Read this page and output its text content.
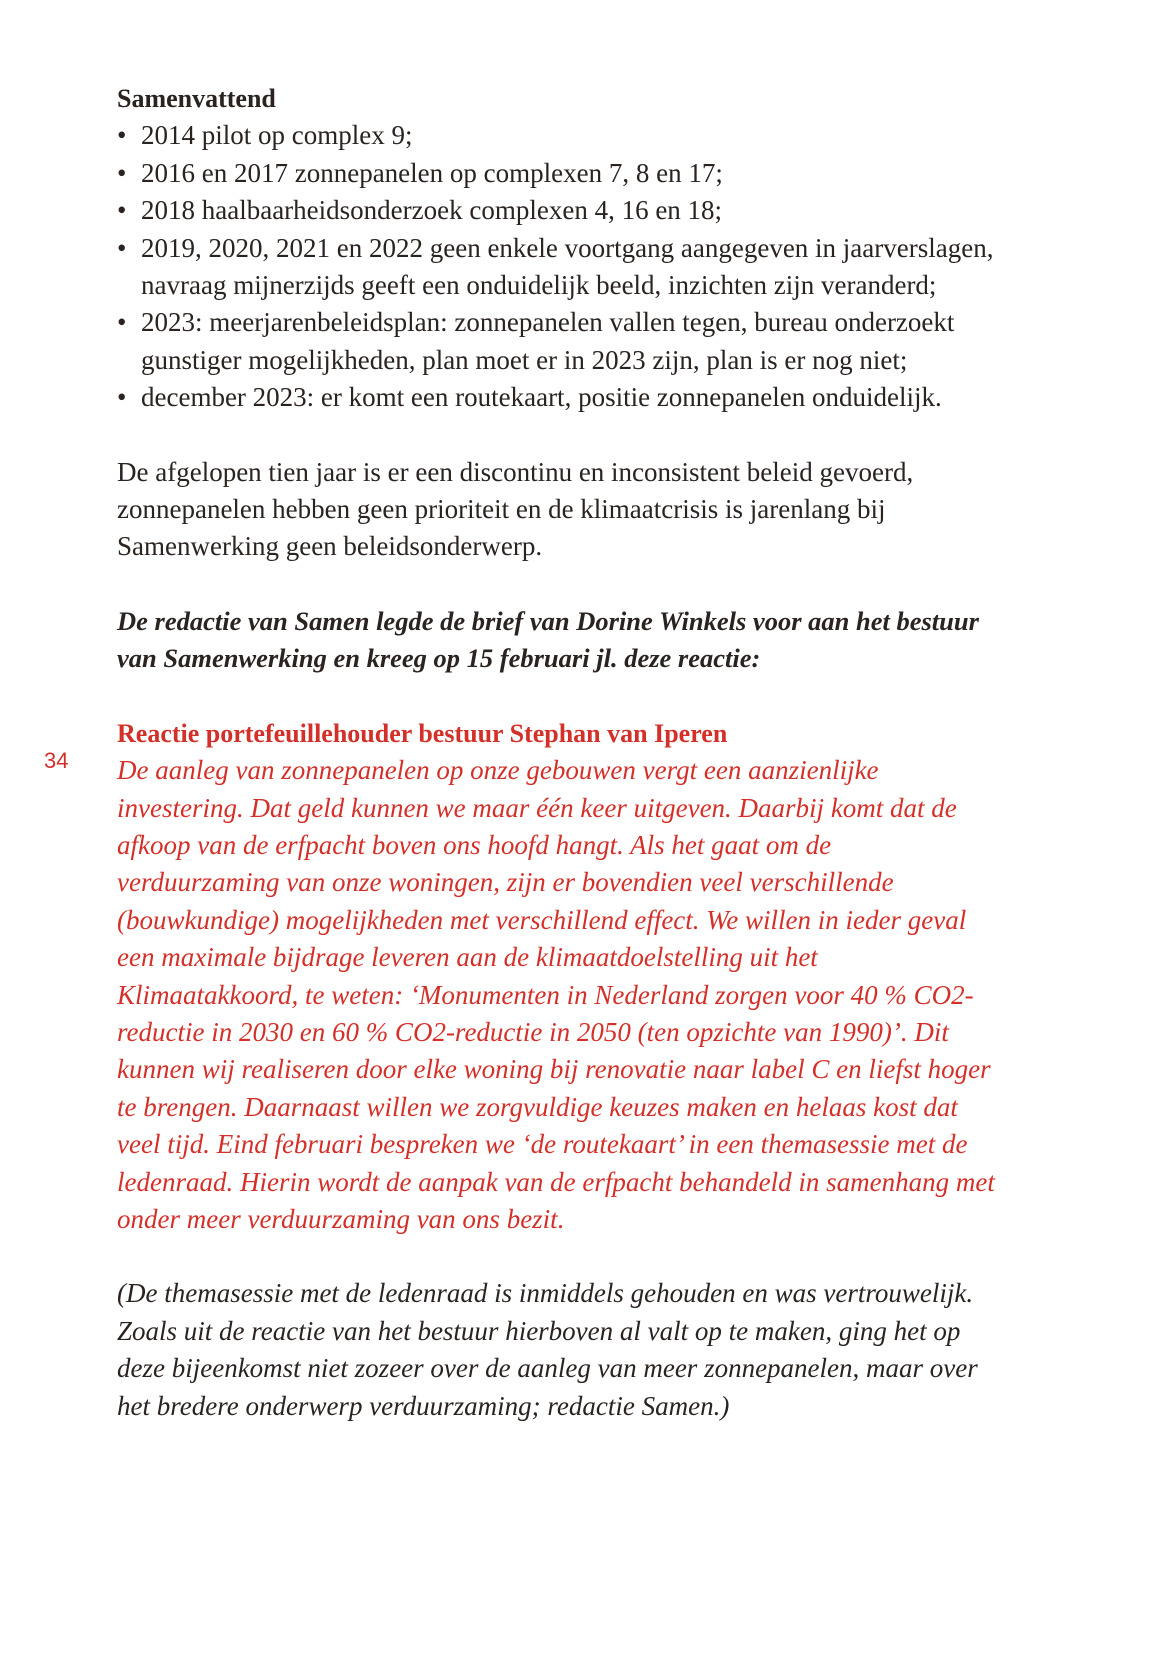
34
Samenvattend
• 2014 pilot op complex 9;
• 2016 en 2017 zonnepanelen op complexen 7, 8 en 17;
• 2018 haalbaarheidsonderzoek complexen 4, 16 en 18;
• 2019, 2020, 2021 en 2022 geen enkele voortgang aangegeven in jaarverslagen, navraag mijnerzijds geeft een onduidelijk beeld, inzichten zijn veranderd;
• 2023: meerjarenbeleidsplan: zonnepanelen vallen tegen, bureau onderzoekt gunstiger mogelijkheden, plan moet er in 2023 zijn, plan is er nog niet;
• december 2023: er komt een routekaart, positie zonnepanelen onduidelijk.

De afgelopen tien jaar is er een discontinu en inconsistent beleid gevoerd, zonnepanelen hebben geen prioriteit en de klimaatcrisis is jarenlang bij Samenwerking geen beleidsonderwerp.

De redactie van Samen legde de brief van Dorine Winkels voor aan het bestuur van Samenwerking en kreeg op 15 februari jl. deze reactie:

Reactie portefeuillehouder bestuur Stephan van Iperen

De aanleg van zonnepanelen op onze gebouwen vergt een aanzienlijke investering. Dat geld kunnen we maar één keer uitgeven. Daarbij komt dat de afkoop van de erfpacht boven ons hoofd hangt. Als het gaat om de verduurzaming van onze woningen, zijn er bovendien veel verschillende (bouwkundige) mogelijkheden met verschillend effect. We willen in ieder geval een maximale bijdrage leveren aan de klimaatdoelstelling uit het Klimaatakkoord, te weten: ‘Monumenten in Nederland zorgen voor 40 % CO2-reductie in 2030 en 60 % CO2-reductie in 2050 (ten opzichte van 1990)’. Dit kunnen wij realiseren door elke woning bij renovatie naar label C en liefst hoger te brengen. Daarnaast willen we zorgvuldige keuzes maken en helaas kost dat veel tijd. Eind februari bespreken we ‘de routekaart’ in een themasessie met de ledenraad. Hierin wordt de aanpak van de erfpacht behandeld in samenhang met onder meer verduurzaming van ons bezit.

(De themasessie met de ledenraad is inmiddels gehouden en was vertrouwelijk. Zoals uit de reactie van het bestuur hierboven al valt op te maken, ging het op deze bijeenkomst niet zozeer over de aanleg van meer zonnepanelen, maar over het bredere onderwerp verduurzaming; redactie Samen.)
